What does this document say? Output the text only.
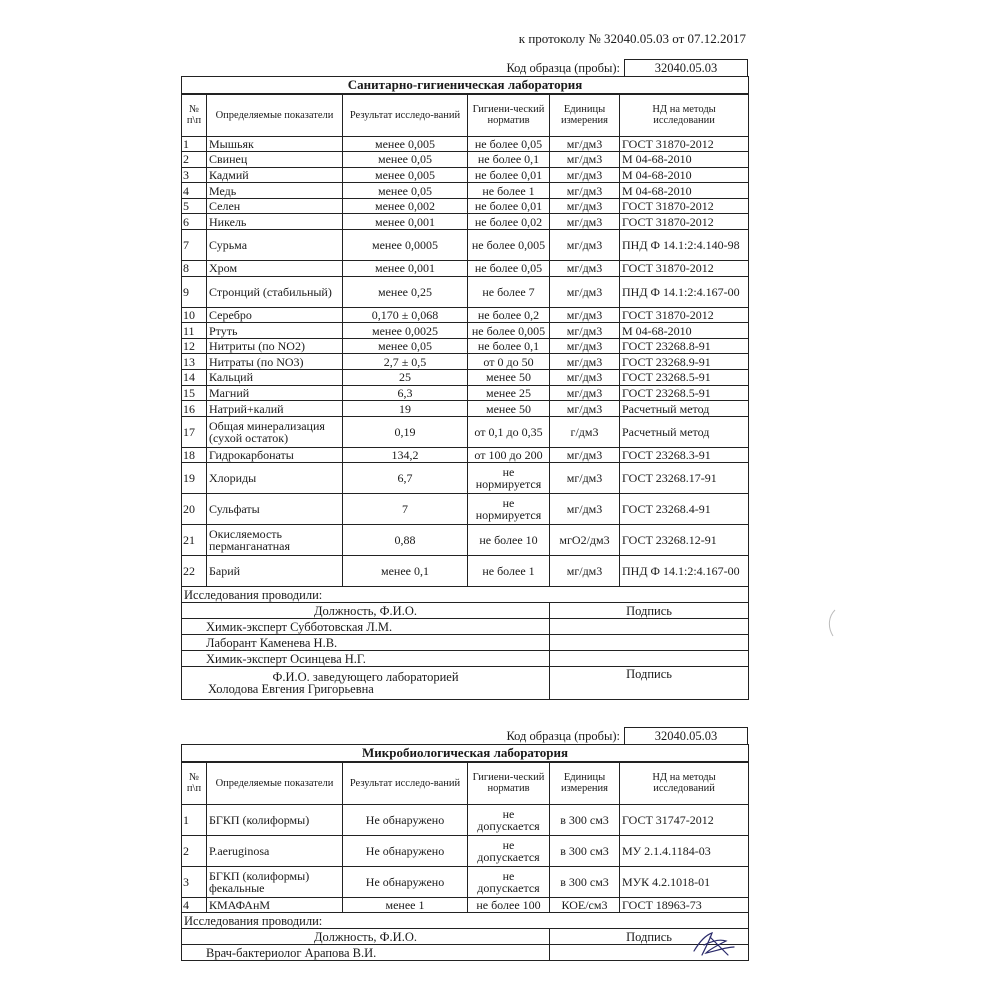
к протоколу № 32040.05.03 от 07.12.2017
Код образца (пробы):	32040.05.03
Санитарно-гигиеническая лаборатория					
№ п\п	Определяемые показатели	Результат исследо-ваний	Гигиени-ческий норматив	Единицы измерения	НД на методы исследовании
1	Мышьяк	менее 0,005	не более 0,05	мг/дм3	ГОСТ 31870-2012
2	Свинец	менее 0,05	не более 0,1	мг/дм3	М 04-68-2010
3	Кадмий	менее 0,005	не более 0,01	мг/дм3	М 04-68-2010
4	Медь	менее 0,05	не более 1	мг/дм3	М 04-68-2010
5	Селен	менее 0,002	не более 0,01	мг/дм3	ГОСТ 31870-2012
6	Никель	менее 0,001	не более 0,02	мг/дм3	ГОСТ 31870-2012
7	Сурьма	менее 0,0005	не более 0,005	мг/дм3	ПНД Ф 14.1:2:4.140-98
8	Хром	менее 0,001	не более 0,05	мг/дм3	ГОСТ 31870-2012
9	Стронций (стабильный)	менее 0,25	не более 7	мг/дм3	ПНД Ф 14.1:2:4.167-00
10	Серебро	0,170 ± 0,068	не более 0,2	мг/дм3	ГОСТ 31870-2012
11	Ртуть	менее 0,0025	не более 0,005	мг/дм3	М 04-68-2010
12	Нитриты (по NO2)	менее 0,05	не более 0,1	мг/дм3	ГОСТ 23268.8-91
13	Нитраты (по NO3)	2,7 ± 0,5	от 0 до 50	мг/дм3	ГОСТ 23268.9-91
14	Кальций	25	менее 50	мг/дм3	ГОСТ 23268.5-91
15	Магний	6,3	менее 25	мг/дм3	ГОСТ 23268.5-91
16	Натрий+калий	19	менее 50	мг/дм3	Расчетный метод
17	Общая минерализация (сухой остаток)	0,19	от 0,1 до 0,35	г/дм3	Расчетный метод
18	Гидрокарбонаты	134,2	от 100 до 200	мг/дм3	ГОСТ 23268.3-91
19	Хлориды	6,7	не нормируется	мг/дм3	ГОСТ 23268.17-91
20	Сульфаты	7	не нормируется	мг/дм3	ГОСТ 23268.4-91
21	Окисляемость перманганатная	0,88	не более 10	мгО2/дм3	ГОСТ 23268.12-91
22	Барий	менее 0,1	не более 1	мг/дм3	ПНД Ф 14.1:2:4.167-00
Исследования проводили:					
Должность, Ф.И.О.				Подпись	
Химик-эксперт Субботовская Л.М.					
Лаборант Каменева Н.В.					
Химик-эксперт Осинцева Н.Г.					

Ф.И.О. заведующего лабораторией
Холодова Евгения Григорьевна				Подпись	
Код образца (пробы):	32040.05.03
Микробиологическая лаборатория					
№ п\п	Определяемые показатели	Результат исследо-ваний	Гигиени-ческий норматив	Единицы измерения	НД на методы исследований
1	БГКП (колиформы)	Не обнаружено	не допускается	в 300 см3	ГОСТ 31747-2012
2	P.aeruginosa	Не обнаружено	не допускается	в 300 см3	МУ 2.1.4.1184-03
3	БГКП (колиформы) фекальные	Не обнаружено	не допускается	в 300 см3	МУК 4.2.1018-01
4	КМАФАнМ	менее 1	не более 100	КОЕ/см3	ГОСТ 18963-73
Исследования проводили:					
Должность, Ф.И.О.				Подпись	
Врач-бактериолог Арапова В.И.					
